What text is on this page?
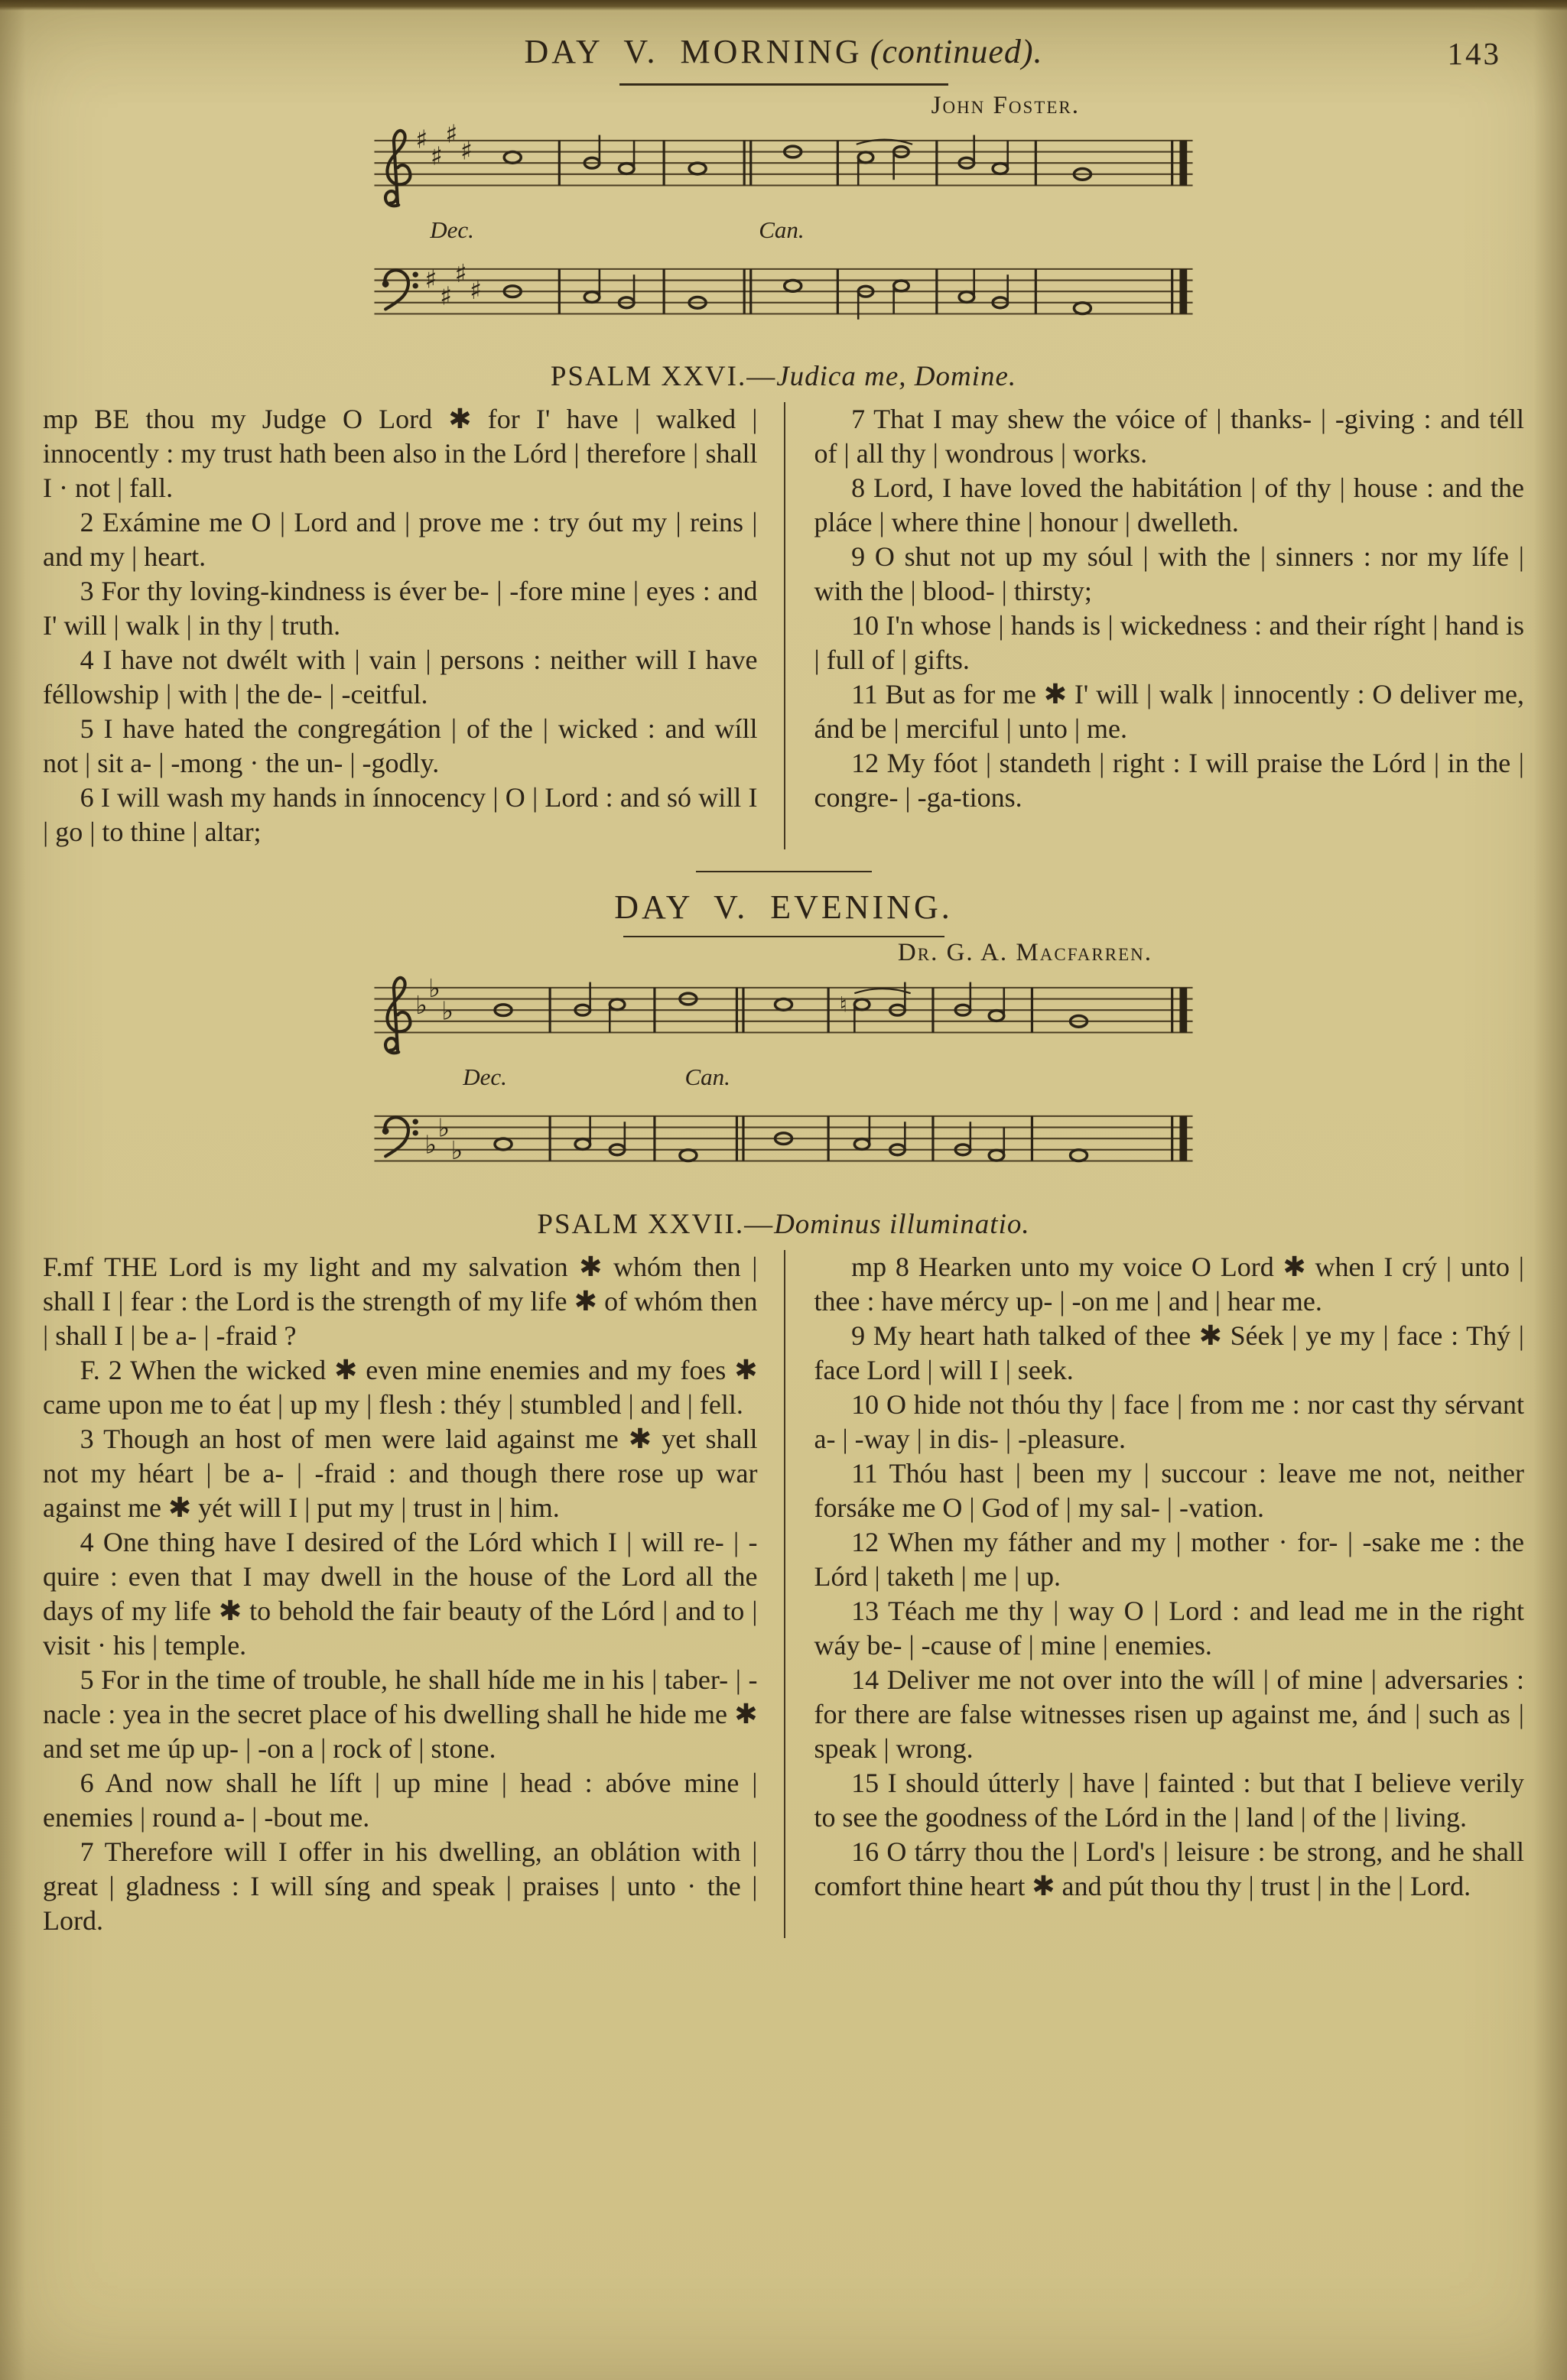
DAY V. MORNING (continued).	143
John Foster.
♯
♯
♯
♯
Dec.	Can.
♯
♯
♯
♯
PSALM XXVI.—Judica me, Domine.

mp BE thou my Judge O Lord ✱ for I' have | walked | innocently : my trust hath been also in the Lórd | therefore | shall I · not | fall.

2 Exámine me O | Lord and | prove me : try óut my | reins | and my | heart.

3 For thy loving-kindness is éver be- | -fore mine | eyes : and I' will | walk | in thy | truth.

4 I have not dwélt with | vain | persons : neither will I have féllowship | with | the de- | -ceitful.

5 I have hated the congregátion | of the | wicked : and wíll not | sit a- | -mong · the un- | -godly.

6 I will wash my hands in ínnocency | O | Lord : and só will I | go | to thine | altar;

7 That I may shew the vóice of | thanks- | -giving : and téll of | all thy | wondrous | works.

8 Lord, I have loved the habitátion | of thy | house : and the pláce | where thine | honour | dwelleth.

9 O shut not up my sóul | with the | sinners : nor my lífe | with the | blood- | thirsty;

10 I'n whose | hands is | wickedness : and their ríght | hand is | full of | gifts.

11 But as for me ✱ I' will | walk | innocently : O deliver me, ánd be | merciful | unto | me.

12 My fóot | standeth | right : I will praise the Lórd | in the | congre- | -ga-tions.

DAY V. EVENING.
Dr. G. A. Macfarren.
♭
♭
♭	♮
Dec.	Can.
♭
♭
♭
PSALM XXVII.—Dominus illuminatio.

F.mf THE Lord is my light and my salvation ✱ whóm then | shall I | fear : the Lord is the strength of my life ✱ of whóm then | shall I | be a- | -fraid ?

F. 2 When the wicked ✱ even mine enemies and my foes ✱ came upon me to éat | up my | flesh : théy | stumbled | and | fell.

3 Though an host of men were laid against me ✱ yet shall not my héart | be a- | -fraid : and though there rose up war against me ✱ yét will I | put my | trust in | him.

4 One thing have I desired of the Lórd which I | will re- | -quire : even that I may dwell in the house of the Lord all the days of my life ✱ to behold the fair beauty of the Lórd | and to | visit · his | temple.

5 For in the time of trouble, he shall híde me in his | taber- | -nacle : yea in the secret place of his dwelling shall he hide me ✱ and set me úp up- | -on a | rock of | stone.

6 And now shall he líft | up mine | head : abóve mine | enemies | round a- | -bout me.

7 Therefore will I offer in his dwelling, an oblátion with | great | gladness : I will síng and speak | praises | unto · the | Lord.

mp 8 Hearken unto my voice O Lord ✱ when I crý | unto | thee : have mércy up- | -on me | and | hear me.

9 My heart hath talked of thee ✱ Séek | ye my | face : Thý | face Lord | will I | seek.

10 O hide not thóu thy | face | from me : nor cast thy sérvant a- | -way | in dis- | -pleasure.

11 Thóu hast | been my | succour : leave me not, neither forsáke me O | God of | my sal- | -vation.

12 When my fáther and my | mother · for- | -sake me : the Lórd | taketh | me | up.

13 Téach me thy | way O | Lord : and lead me in the right wáy be- | -cause of | mine | enemies.

14 Deliver me not over into the wíll | of mine | adversaries : for there are false witnesses risen up against me, ánd | such as | speak | wrong.

15 I should útterly | have | fainted : but that I believe verily to see the goodness of the Lórd in the | land | of the | living.

16 O tárry thou the | Lord's | leisure : be strong, and he shall comfort thine heart ✱ and pút thou thy | trust | in the | Lord.
